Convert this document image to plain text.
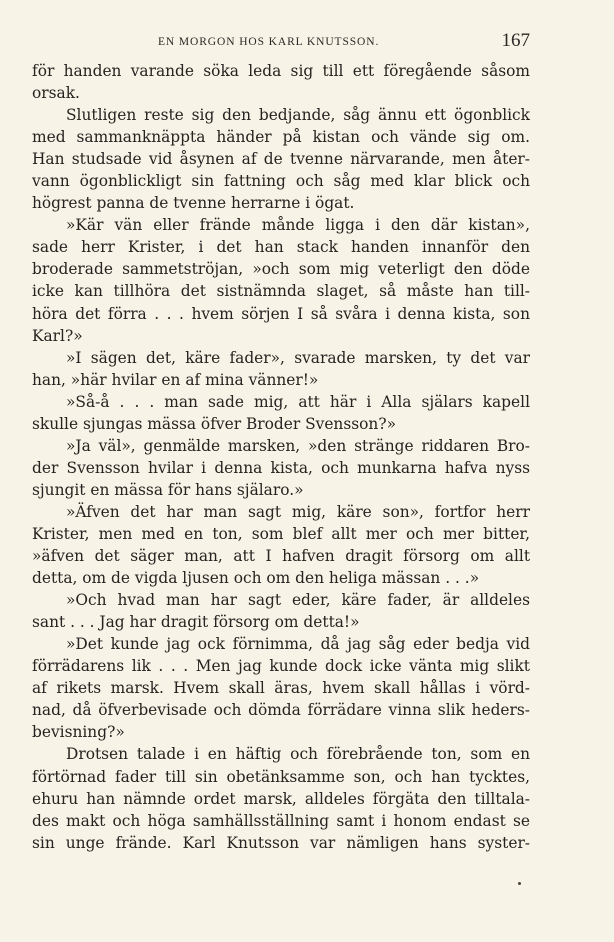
EN MORGON HOS KARL KNUTSSON.	167
för handen varande söka leda sig till ett föregående såsom
orsak.
Slutligen reste sig den bedjande, såg ännu ett ögonblick
med sammanknäppta händer på kistan och vände sig om.
Han studsade vid åsynen af de tvenne närvarande, men åter-
vann ögonblickligt sin fattning och såg med klar blick och
högrest panna de tvenne herrarne i ögat.
»Kär vän eller frände månde ligga i den där kistan»,
sade herr Krister, i det han stack handen innanför den
broderade sammetströjan, »och som mig veterligt den döde
icke kan tillhöra det sistnämnda slaget, så måste han till-
höra det förra . . . hvem sörjen I så svåra i denna kista, son
Karl?»
»I sägen det, käre fader», svarade marsken, ty det var
han, »här hvilar en af mina vänner!»
»Så-å . . . man sade mig, att här i Alla själars kapell
skulle sjungas mässa öfver Broder Svensson?»
»Ja väl», genmälde marsken, »den stränge riddaren Bro-
der Svensson hvilar i denna kista, och munkarna hafva nyss
sjungit en mässa för hans själaro.»
»Äfven det har man sagt mig, käre son», fortfor herr
Krister, men med en ton, som blef allt mer och mer bitter,
»äfven det säger man, att I hafven dragit försorg om allt
detta, om de vigda ljusen och om den heliga mässan . . .»
»Och hvad man har sagt eder, käre fader, är alldeles
sant . . . Jag har dragit försorg om detta!»
»Det kunde jag ock förnimma, då jag såg eder bedja vid
förrädarens lik . . . Men jag kunde dock icke vänta mig slikt
af rikets marsk. Hvem skall äras, hvem skall hållas i vörd-
nad, då öfverbevisade och dömda förrädare vinna slik heders-
bevisning?»
Drotsen talade i en häftig och förebrående ton, som en
förtörnad fader till sin obetänksamme son, och han tycktes,
ehuru han nämnde ordet marsk, alldeles förgäta den tilltala-
des makt och höga samhällsställning samt i honom endast se
sin unge frände. Karl Knutsson var nämligen hans syster-
